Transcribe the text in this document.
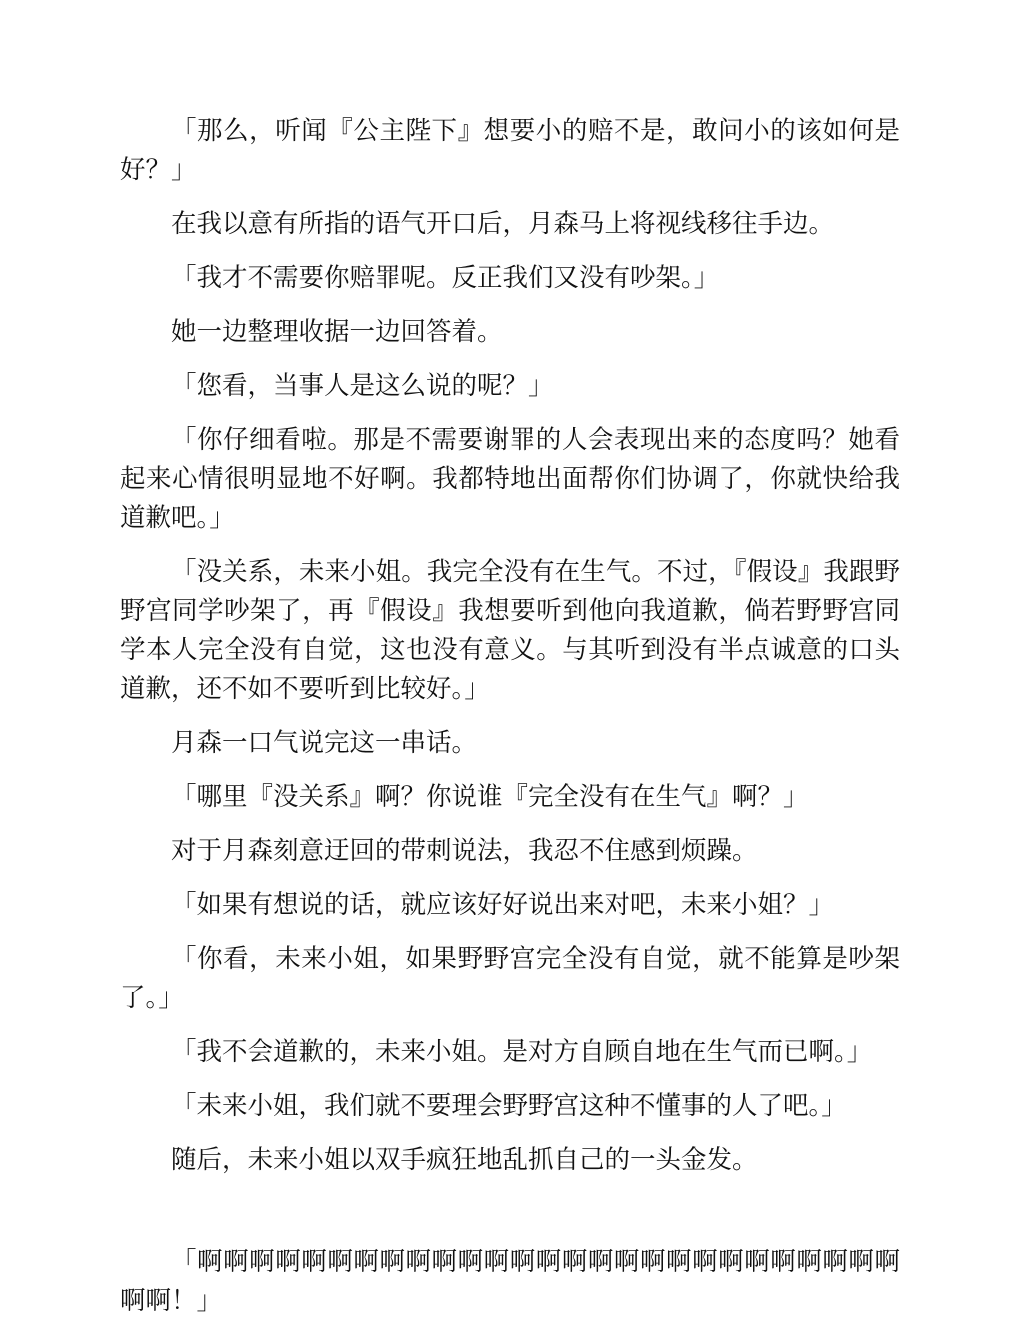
「那么，听闻『公主陛下』想要小的赔不是，敢问小的该如何是好？」

在我以意有所指的语气开口后，月森马上将视线移往手边。

「我才不需要你赔罪呢。反正我们又没有吵架。」

她一边整理收据一边回答着。

「您看，当事人是这么说的呢？」

「你仔细看啦。那是不需要谢罪的人会表现出来的态度吗？她看起来心情很明显地不好啊。我都特地出面帮你们协调了，你就快给我道歉吧。」

「没关系，未来小姐。我完全没有在生气。不过，『假设』我跟野野宫同学吵架了，再『假设』我想要听到他向我道歉，倘若野野宫同学本人完全没有自觉，这也没有意义。与其听到没有半点诚意的口头道歉，还不如不要听到比较好。」

月森一口气说完这一串话。

「哪里『没关系』啊？你说谁『完全没有在生气』啊？」

对于月森刻意迂回的带刺说法，我忍不住感到烦躁。

「如果有想说的话，就应该好好说出来对吧，未来小姐？」

「你看，未来小姐，如果野野宫完全没有自觉，就不能算是吵架了。」

「我不会道歉的，未来小姐。是对方自顾自地在生气而已啊。」

「未来小姐，我们就不要理会野野宫这种不懂事的人了吧。」

随后，未来小姐以双手疯狂地乱抓自己的一头金发。

「啊啊啊啊啊啊啊啊啊啊啊啊啊啊啊啊啊啊啊啊啊啊啊啊啊啊啊啊啊！」
